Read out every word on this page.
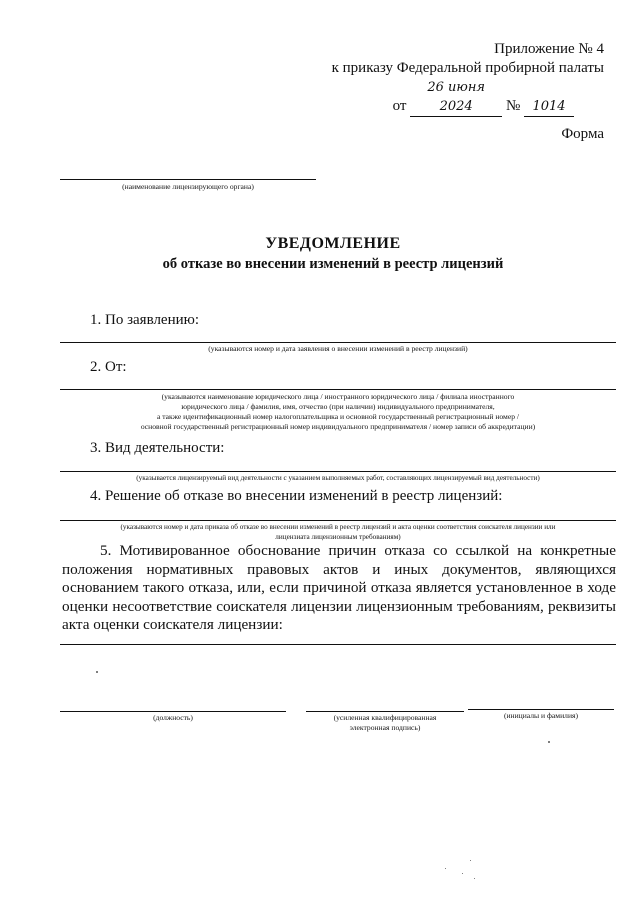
Приложение № 4
к приказу Федеральной пробирной палаты
от 26 июня 2024 № 1014
Форма
(наименование лицензирующего органа)
УВЕДОМЛЕНИЕ
об отказе во внесении изменений в реестр лицензий
1. По заявлению:
(указываются номер и дата заявления о внесении изменений в реестр лицензий)
2. От:
(указываются наименование юридического лица / иностранного юридического лица / филиала иностранного
юридического лица / фамилия, имя, отчество (при наличии) индивидуального предпринимателя,
а также идентификационный номер налогоплательщика и основной государственный регистрационный номер /
основной государственный регистрационный номер индивидуального предпринимателя / номер записи об аккредитации)
3. Вид деятельности:
(указывается лицензируемый вид деятельности с указанием выполняемых работ, составляющих лицензируемый вид деятельности)
4. Решение об отказе во внесении изменений в реестр лицензий:
(указываются номер и дата приказа об отказе во внесении изменений в реестр лицензий и акта оценки соответствия соискателя лицензии или
лицензиата лицензионным требованиям)
5. Мотивированное обоснование причин отказа со ссылкой на конкретные положения нормативных правовых актов и иных документов, являющихся основанием такого отказа, или, если причиной отказа является установленное в ходе оценки несоответствие соискателя лицензии лицензионным требованиям, реквизиты акта оценки соискателя лицензии:
(должность)	(усиленная квалифицированная
электронная подпись)
(инициалы и фамилия)
